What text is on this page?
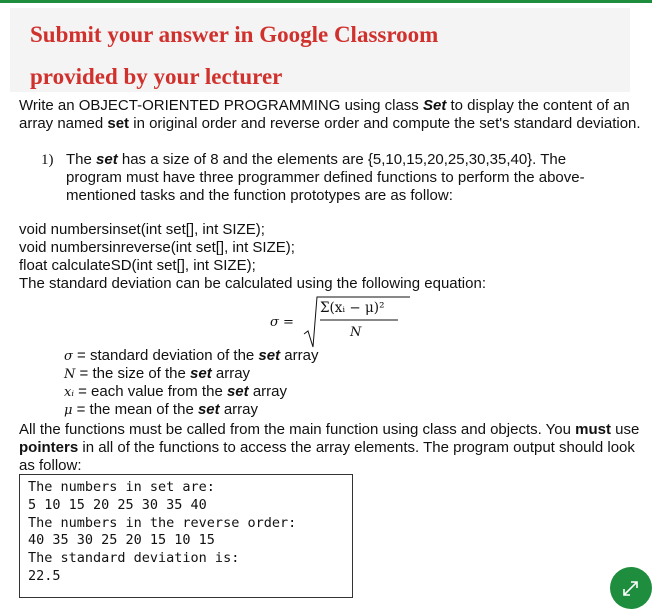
Submit your answer in Google Classroom

provided by your lecturer

Write an OBJECT-ORIENTED PROGRAMMING using class Set to display the content of an array named set in original order and reverse order and compute the set's standard deviation.

1) The set has a size of 8 and the elements are {5,10,15,20,25,30,35,40}. The program must have three programmer defined functions to perform the above-mentioned tasks and the function prototypes are as follow:
void numbersinset(int set[], int SIZE);
void numbersinreverse(int set[], int SIZE);
float calculateSD(int set[], int SIZE);
The standard deviation can be calculated using the following equation:
σ =
Σ(xᵢ − μ)²
N
σ = standard deviation of the set array
N = the size of the set array
xᵢ = each value from the set array
μ = the mean of the set array

All the functions must be called from the main function using class and objects. You must use pointers in all of the functions to access the array elements. The program output should look as follow:

The numbers in set are:
5 10 15 20 25 30 35 40
The numbers in the reverse order:
40 35 30 25 20 15 10 15
The standard deviation is:
22.5
